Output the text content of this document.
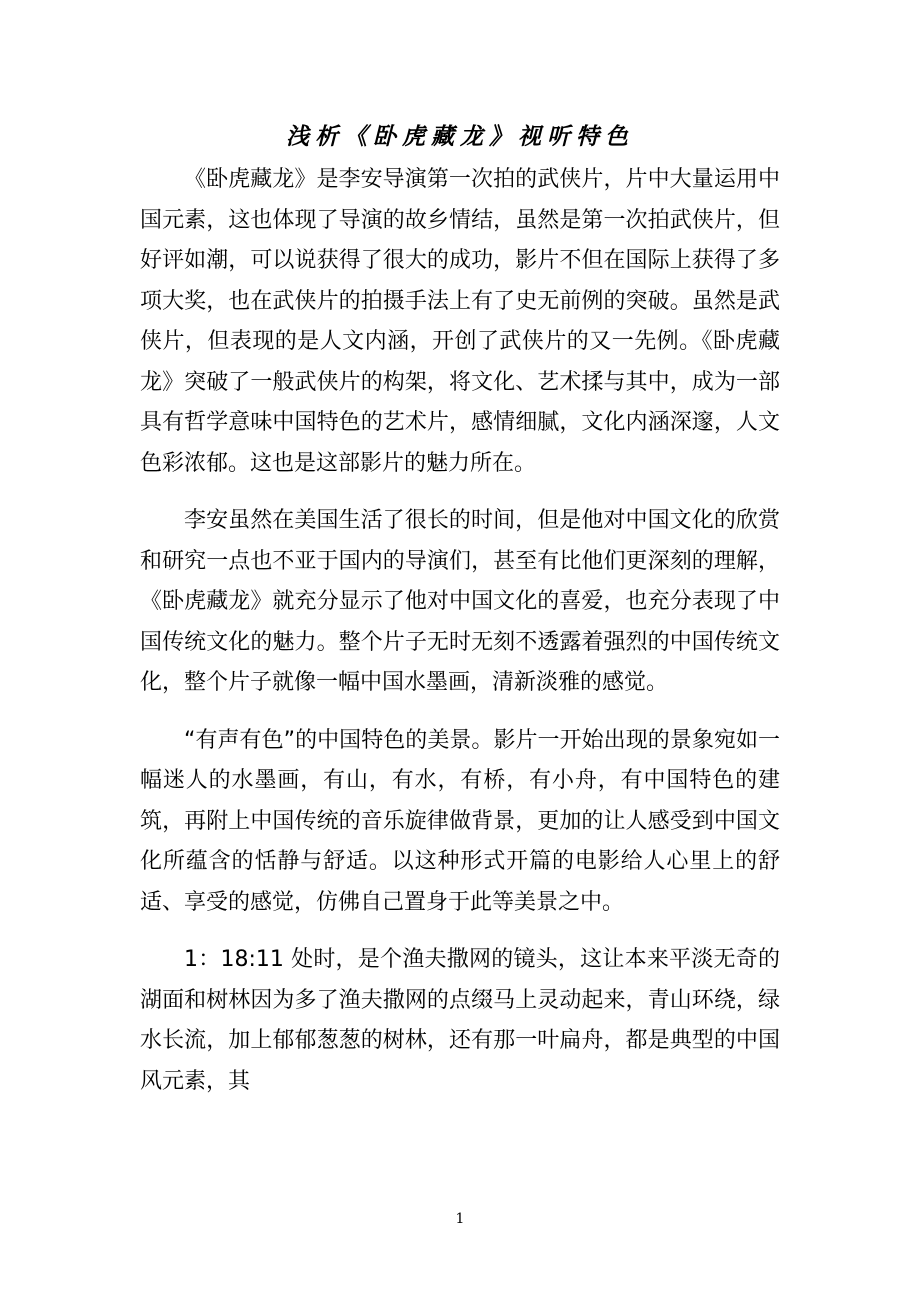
浅析《卧虎藏龙》视听特色

《卧虎藏龙》是李安导演第一次拍的武侠片，片中大量运用中国元素，这也体现了导演的故乡情结，虽然是第一次拍武侠片，但好评如潮，可以说获得了很大的成功，影片不但在国际上获得了多项大奖，也在武侠片的拍摄手法上有了史无前例的突破。虽然是武侠片，但表现的是人文内涵，开创了武侠片的又一先例。《卧虎藏龙》突破了一般武侠片的构架，将文化、艺术揉与其中，成为一部具有哲学意味中国特色的艺术片，感情细腻，文化内涵深邃，人文色彩浓郁。这也是这部影片的魅力所在。

李安虽然在美国生活了很长的时间，但是他对中国文化的欣赏和研究一点也不亚于国内的导演们，甚至有比他们更深刻的理解，《卧虎藏龙》就充分显示了他对中国文化的喜爱，也充分表现了中国传统文化的魅力。整个片子无时无刻不透露着强烈的中国传统文化，整个片子就像一幅中国水墨画，清新淡雅的感觉。

“有声有色”的中国特色的美景。影片一开始出现的景象宛如一幅迷人的水墨画，有山，有水，有桥，有小舟，有中国特色的建筑，再附上中国传统的音乐旋律做背景，更加的让人感受到中国文化所蕴含的恬静与舒适。以这种形式开篇的电影给人心里上的舒适、享受的感觉，仿佛自己置身于此等美景之中。

1：18:11 处时，是个渔夫撒网的镜头，这让本来平淡无奇的湖面和树林因为多了渔夫撒网的点缀马上灵动起来，青山环绕，绿水长流，加上郁郁葱葱的树林，还有那一叶扁舟，都是典型的中国风元素，其

1
